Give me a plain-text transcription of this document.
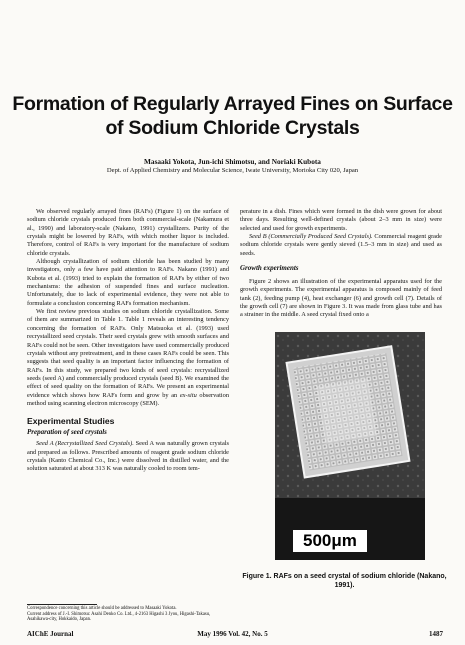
Formation of Regularly Arrayed Fines on Surface
of Sodium Chloride Crystals

Masaaki Yokota, Jun-ichi Shimotsu, and Noriaki Kubota

Dept. of Applied Chemistry and Molecular Science, Iwate University, Morioka City 020, Japan

We observed regularly arrayed fines (RAFs) (Figure 1) on the surface of sodium chloride crystals produced from both commercial-scale (Nakamura et al., 1990) and laboratory-scale (Nakano, 1991) crystallizers. Purity of the crystals might be lowered by RAFs, with which mother liquor is included. Therefore, control of RAFs is very important for the manufacture of sodium chloride crystals.

Although crystallization of sodium chloride has been studied by many investigators, only a few have paid attention to RAFs. Nakano (1991) and Kubota et al. (1993) tried to explain the formation of RAFs by either of two mechanisms: the adhesion of suspended fines and surface nucleation. Unfortunately, due to lack of experimental evidence, they were not able to formulate a conclusion concerning RAFs formation mechanism.

We first review previous studies on sodium chloride crystallization. Some of them are summarized in Table 1. Table 1 reveals an interesting tendency concerning the formation of RAFs. Only Matsuoka et al. (1993) used recrystallized seed crystals. Their seed crystals grew with smooth surfaces and RAFs could not be seen. Other investigators have used commercially produced crystals without any pretreatment, and in these cases RAFs could be seen. This suggests that seed quality is an important factor influencing the formation of RAFs. In this study, we prepared two kinds of seed crystals: recrystallized seeds (seed A) and commercially produced crystals (seed B). We examined the effect of seed quality on the formation of RAFs. We present an experimental evidence which shows how RAFs form and grow by an ex-situ observation method using scanning electron microscopy (SEM).

Experimental Studies
Preparation of seed crystals

Seed A (Recrystallized Seed Crystals). Seed A was naturally grown crystals and prepared as follows. Prescribed amounts of reagent grade sodium chloride crystals (Kanto Chemical Co., Inc.) were dissolved in distilled water, and the solution saturated at about 313 K was naturally cooled to room tem-

perature in a dish. Fines which were formed in the dish were grown for about three days. Resulting well-defined crystals (about 2–3 mm in size) were selected and used for growth experiments.

Seed B (Commercially Produced Seed Crystals). Commercial reagent grade sodium chloride crystals were gently sieved (1.5–3 mm in size) and used as seeds.

Growth experiments

Figure 2 shows an illustration of the experimental apparatus used for the growth experiments. The experimental apparatus is composed mainly of feed tank (2), feeding pump (4), heat exchanger (6) and growth cell (7). Details of the growth cell (7) are shown in Figure 3. It was made from glass tube and has a strainer in the middle. A seed crystal fixed onto a

500μm

Figure 1. RAFs on a seed crystal of sodium chloride (Nakano, 1991).

Correspondence concerning this article should be addressed to Masaaki Yokota.
Current address of J.-I. Shimotsu: Asahi Denko Co. Ltd., 4-2163 Higashi 3 Jyou, Higashi-Takasu, Asahikawa-city, Hokkaido, Japan.

AIChE Journal	May 1996 Vol. 42, No. 5	1487
